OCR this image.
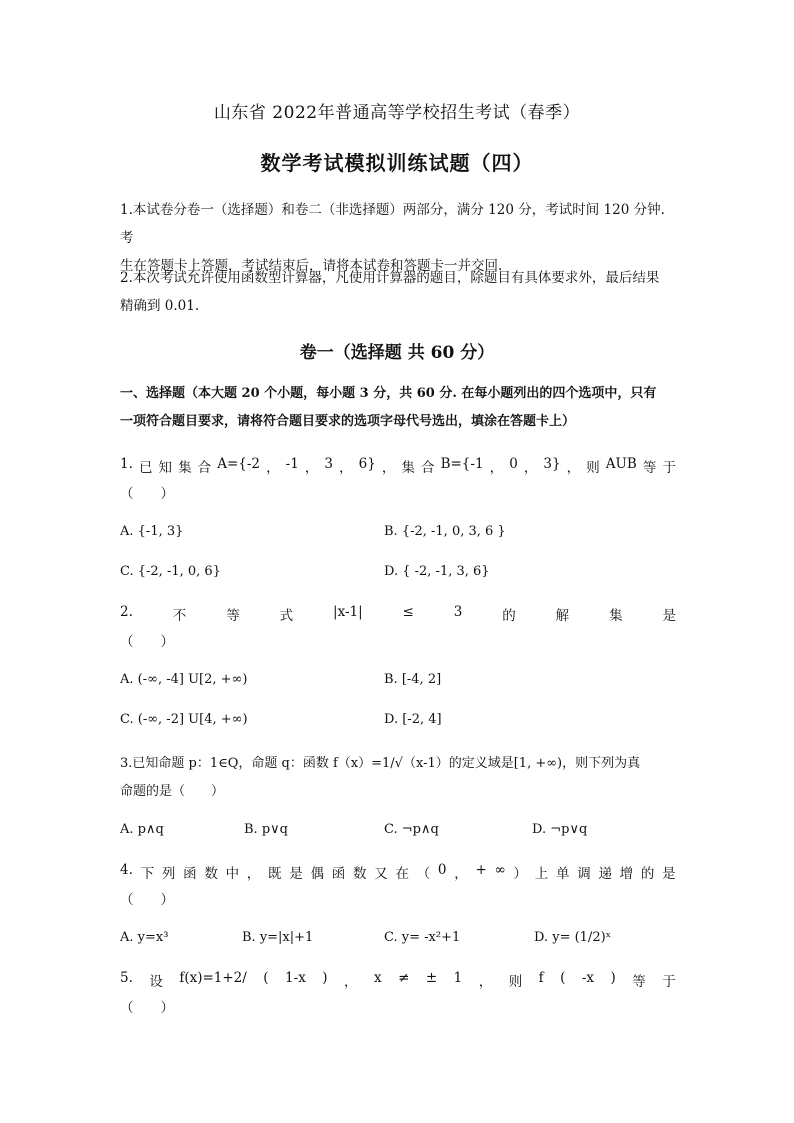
山东省 2022年普通高等学校招生考试（春季）
数学考试模拟训练试题（四）
1.本试卷分卷一（选择题）和卷二（非选择题）两部分，满分 120 分，考试时间 120 分钟. 考
生在答题卡上答题，考试结束后，请将本试卷和答题卡一并交回.
2.本次考试允许使用函数型计算器，凡使用计算器的题目，除题目有具体要求外，最后结果
精确到 0.01.
卷一（选择题 共 60 分）
一、选择题（本大题 20 个小题，每小题 3 分，共 60 分. 在每小题列出的四个选项中，只有
一项符合题目要求，请将符合题目要求的选项字母代号选出，填涂在答题卡上）
1. 已 知 集 合 A={-2 ， -1 ， 3 ， 6} ， 集 合 B={-1 ， 0 ， 3} ， 则 AUB 等 于
（　　）
A. {-1, 3}	B. {-2, -1, 0, 3, 6 }
C. {-2, -1, 0, 6}	D. { -2, -1, 3, 6}
2.	不	等	式	|x-1|	≤	3	的	解	集	是
（　　）
A. (-∞, -4] U[2, +∞)	B. [-4, 2]
C. (-∞, -2] U[4, +∞)	D. [-2, 4]
3.已知命题 p：1∈Q，命题 q：函数 f（x）=1/√（x-1）的定义域是[1, +∞)，则下列为真
命题的是（　　）
A. p∧q	B. p∨q	C. ¬p∧q	D. ¬p∨q
4. 下 列 函 数 中 ， 既 是 偶 函 数 又 在 （ 0 ， + ∞ ） 上 单 调 递 增 的 是
（　　）
A. y=x³	B. y=|x|+1	C. y= -x²+1	D. y= (1/2)ˣ
5. 设 f(x)=1+2/ ( 1-x ) ， x ≠ ± 1 ， 则 f ( -x ) 等 于
（　　）
